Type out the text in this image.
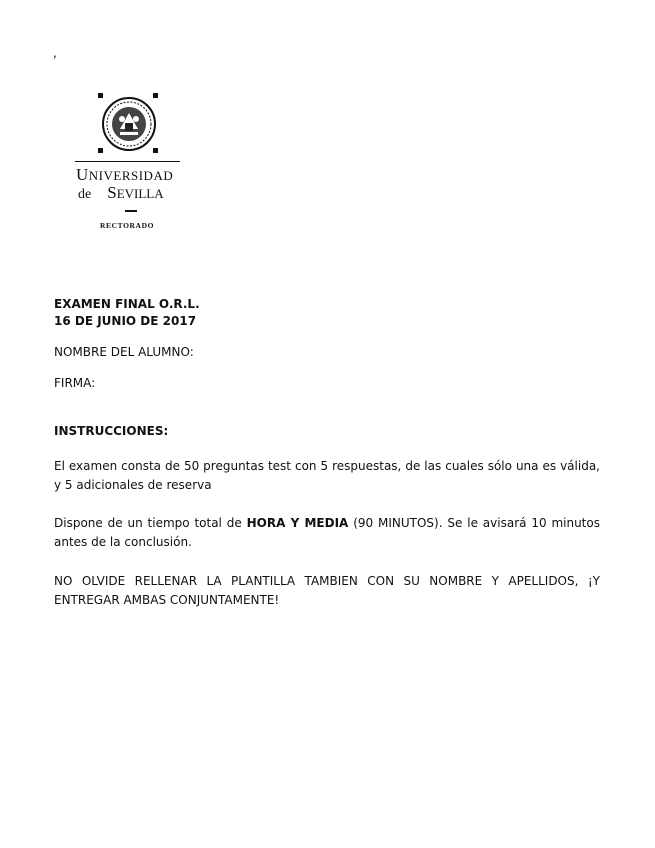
,
UNIVERSIDAD
de SEVILLA
RECTORADO
EXAMEN FINAL O.R.L.
16 DE JUNIO DE 2017
NOMBRE DEL ALUMNO:
FIRMA:
INSTRUCCIONES:
El examen consta de 50 preguntas test con 5 respuestas, de las cuales sólo una es válida, y 5 adicionales de reserva
Dispone de un tiempo total de HORA Y MEDIA (90 MINUTOS). Se le avisará 10 minutos antes de la conclusión.
NO OLVIDE RELLENAR LA PLANTILLA TAMBIEN CON SU NOMBRE Y APELLIDOS, ¡Y ENTREGAR AMBAS CONJUNTAMENTE!
